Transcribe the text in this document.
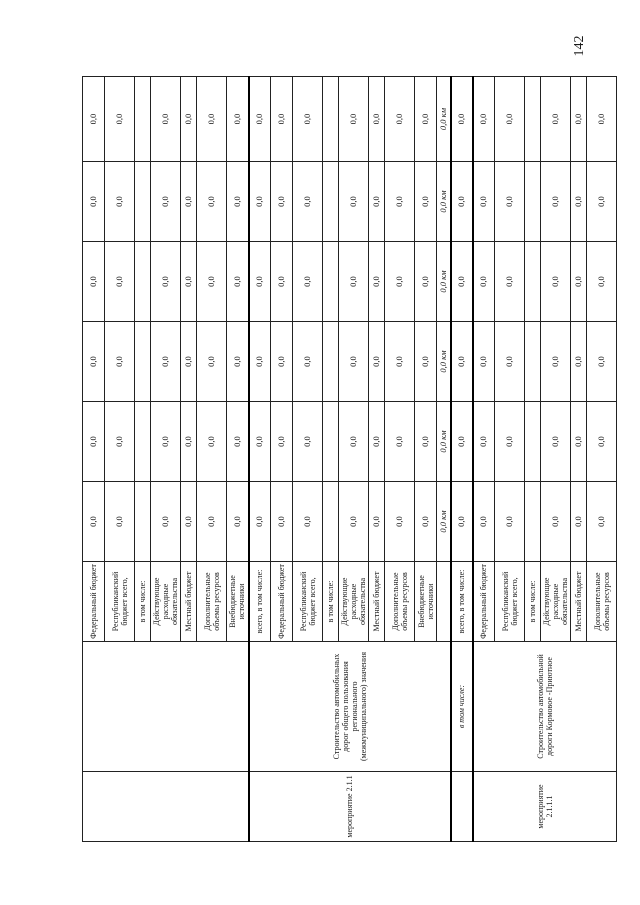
142
		Федеральный бюджет	0,0	0,0	0,0	0,0	0,0	0,0
		Республиканский бюджет всего,	0,0	0,0	0,0	0,0	0,0	0,0
		в том числе:						
		Действующие расходные обязательства	0,0	0,0	0,0	0,0	0,0	0,0
		Местный бюджет	0,0	0,0	0,0	0,0	0,0	0,0
		Дополнительные объемы ресурсов	0,0	0,0	0,0	0,0	0,0	0,0
		Внебюджетные источники	0,0	0,0	0,0	0,0	0,0	0,0
мероприятие 2.1.1	Строительство автомобильных дорог общего пользования регионального (межмуниципального) значения	всего, в том числе:	0,0	0,0	0,0	0,0	0,0	0,0
		Федеральный бюджет	0,0	0,0	0,0	0,0	0,0	0,0
		Республиканский бюджет всего,	0,0	0,0	0,0	0,0	0,0	0,0
		в том числе:						
		Действующие расходные обязательства	0,0	0,0	0,0	0,0	0,0	0,0
		Местный бюджет	0,0	0,0	0,0	0,0	0,0	0,0
		Дополнительные объемы ресурсов	0,0	0,0	0,0	0,0	0,0	0,0
		Внебюджетные источники	0,0	0,0	0,0	0,0	0,0	0,0
			0,0 км	0,0 км	0,0 км	0,0 км	0,0 км	0,0 км
	в том числе:	всего, в том числе:	0,0	0,0	0,0	0,0	0,0	0,0
мероприятие 2.1.1.1	Строительство автомобильной дороги Кормовое -Приютное	Федеральный бюджет	0,0	0,0	0,0	0,0	0,0	0,0
		Республиканский бюджет всего,	0,0	0,0	0,0	0,0	0,0	0,0
		в том числе:						
		Действующие расходные обязательства	0,0	0,0	0,0	0,0	0,0	0,0
		Местный бюджет	0,0	0,0	0,0	0,0	0,0	0,0
		Дополнительные объемы ресурсов	0,0	0,0	0,0	0,0	0,0	0,0
